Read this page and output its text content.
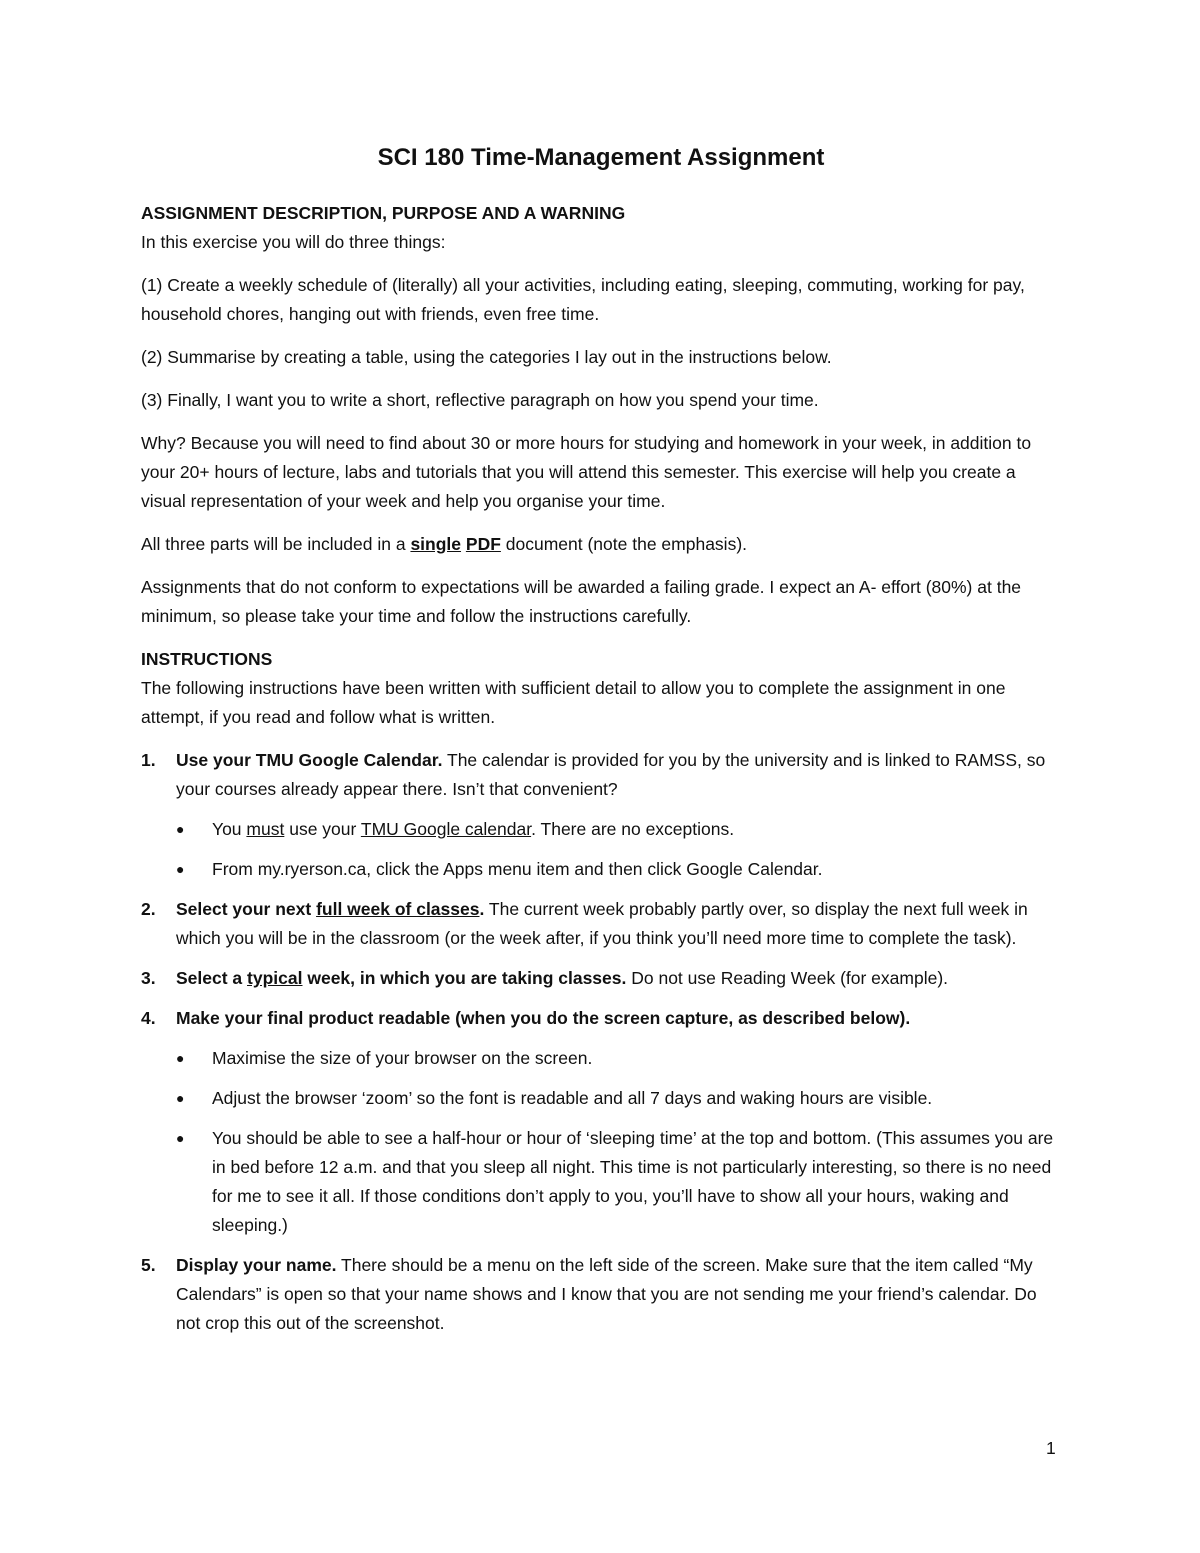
SCI 180 Time-Management Assignment
ASSIGNMENT DESCRIPTION, PURPOSE AND A WARNING
In this exercise you will do three things:

(1) Create a weekly schedule of (literally) all your activities, including eating, sleeping, commuting, working for pay, household chores, hanging out with friends, even free time.

(2) Summarise by creating a table, using the categories I lay out in the instructions below.

(3) Finally, I want you to write a short, reflective paragraph on how you spend your time.

Why? Because you will need to find about 30 or more hours for studying and homework in your week, in addition to your 20+ hours of lecture, labs and tutorials that you will attend this semester. This exercise will help you create a visual representation of your week and help you organise your time.

All three parts will be included in a single PDF document (note the emphasis).

Assignments that do not conform to expectations will be awarded a failing grade. I expect an A- effort (80%) at the minimum, so please take your time and follow the instructions carefully.

INSTRUCTIONS
The following instructions have been written with sufficient detail to allow you to complete the assignment in one attempt, if you read and follow what is written.
1. Use your TMU Google Calendar. The calendar is provided for you by the university and is linked to RAMSS, so your courses already appear there. Isn’t that convenient?
● You must use your TMU Google calendar. There are no exceptions.
● From my.ryerson.ca, click the Apps menu item and then click Google Calendar.
2. Select your next full week of classes. The current week probably partly over, so display the next full week in which you will be in the classroom (or the week after, if you think you’ll need more time to complete the task).
3. Select a typical week, in which you are taking classes. Do not use Reading Week (for example).
4. Make your final product readable (when you do the screen capture, as described below).
● Maximise the size of your browser on the screen.
● Adjust the browser ‘zoom’ so the font is readable and all 7 days and waking hours are visible.
● You should be able to see a half-hour or hour of ‘sleeping time’ at the top and bottom. (This assumes you are in bed before 12 a.m. and that you sleep all night. This time is not particularly interesting, so there is no need for me to see it all. If those conditions don’t apply to you, you’ll have to show all your hours, waking and sleeping.)
5. Display your name. There should be a menu on the left side of the screen. Make sure that the item called “My Calendars” is open so that your name shows and I know that you are not sending me your friend’s calendar. Do not crop this out of the screenshot.
1
